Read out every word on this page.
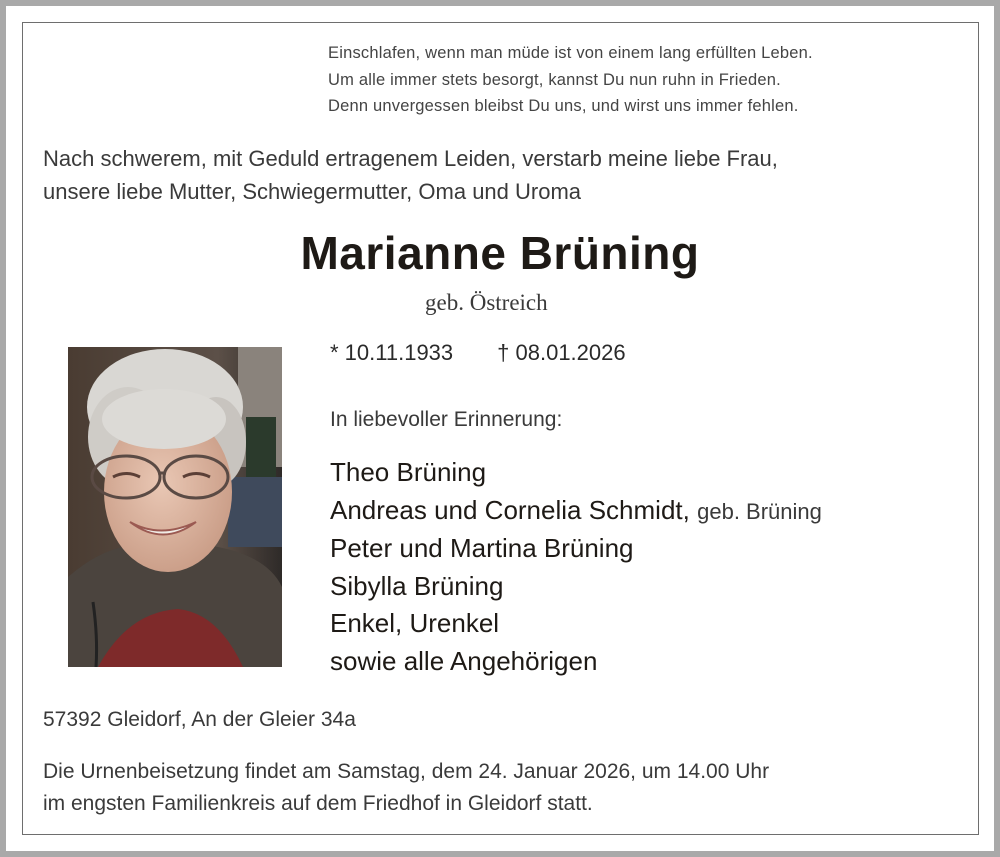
Einschlafen, wenn man müde ist von einem lang erfüllten Leben.
Um alle immer stets besorgt, kannst Du nun ruhn in Frieden.
Denn unvergessen bleibst Du uns, und wirst uns immer fehlen.
Nach schwerem, mit Geduld ertragenem Leiden, verstarb meine liebe Frau,
unsere liebe Mutter, Schwiegermutter, Oma und Uroma
Marianne Brüning
geb. Östreich
* 10.11.1933 † 08.01.2026
In liebevoller Erinnerung:
Theo Brüning
Andreas und Cornelia Schmidt, geb. Brüning
Peter und Martina Brüning
Sibylla Brüning
Enkel, Urenkel
sowie alle Angehörigen
57392 Gleidorf, An der Gleier 34a
Die Urnenbeisetzung findet am Samstag, dem 24. Januar 2026, um 14.00 Uhr
im engsten Familienkreis auf dem Friedhof in Gleidorf statt.
